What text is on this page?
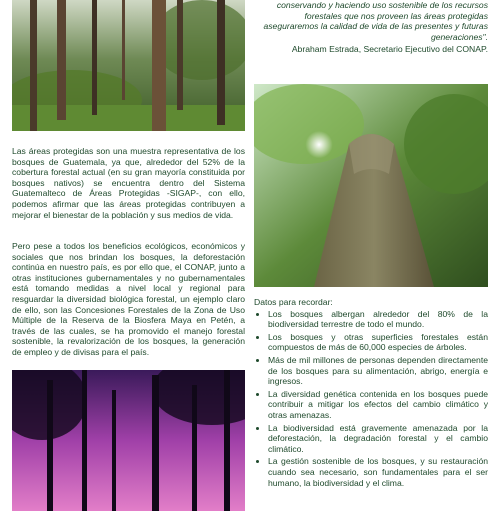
conservando y haciendo uso sostenible de los recursos forestales que nos proveen las áreas protegidas aseguraremos la calidad de vida de las presentes y futuras generaciones".
Abraham Estrada, Secretario Ejecutivo del CONAP.
Las áreas protegidas son una muestra representativa de los bosques de Guatemala, ya que, alrededor del 52% de la cobertura forestal actual (en su gran mayoría constituida por bosques nativos) se encuentra dentro del Sistema Guatemalteco de Áreas Protegidas -SIGAP-, con ello, podemos afirmar que las áreas protegidas contribuyen a mejorar el bienestar de la población y sus medios de vida.
Pero pese a todos los beneficios ecológicos, económicos y sociales que nos brindan los bosques, la deforestación continúa en nuestro país, es por ello que, el CONAP, junto a otras instituciones gubernamentales y no gubernamentales está tomando medidas a nivel local y regional para resguardar la diversidad biológica forestal, un ejemplo claro de ello, son las Concesiones Forestales de la Zona de Uso Múltiple de la Reserva de la Biosfera Maya en Petén, a través de las cuales, se ha promovido el manejo forestal sostenible, la revalorización de los bosques, la generación de empleo y de divisas para el país.
Datos para recordar:
• Los bosques albergan alrededor del 80% de la biodiversidad terrestre de todo el mundo.
• Los bosques y otras superficies forestales están compuestos de más de 60,000 especies de árboles.
• Más de mil millones de personas dependen directamente de los bosques para su alimentación, abrigo, energía e ingresos.
• La diversidad genética contenida en los bosques puede contribuir a mitigar los efectos del cambio climático y otras amenazas.
• La biodiversidad está gravemente amenazada por la deforestación, la degradación forestal y el cambio climático.
• La gestión sostenible de los bosques, y su restauración cuando sea necesario, son fundamentales para el ser humano, la biodiversidad y el clima.
